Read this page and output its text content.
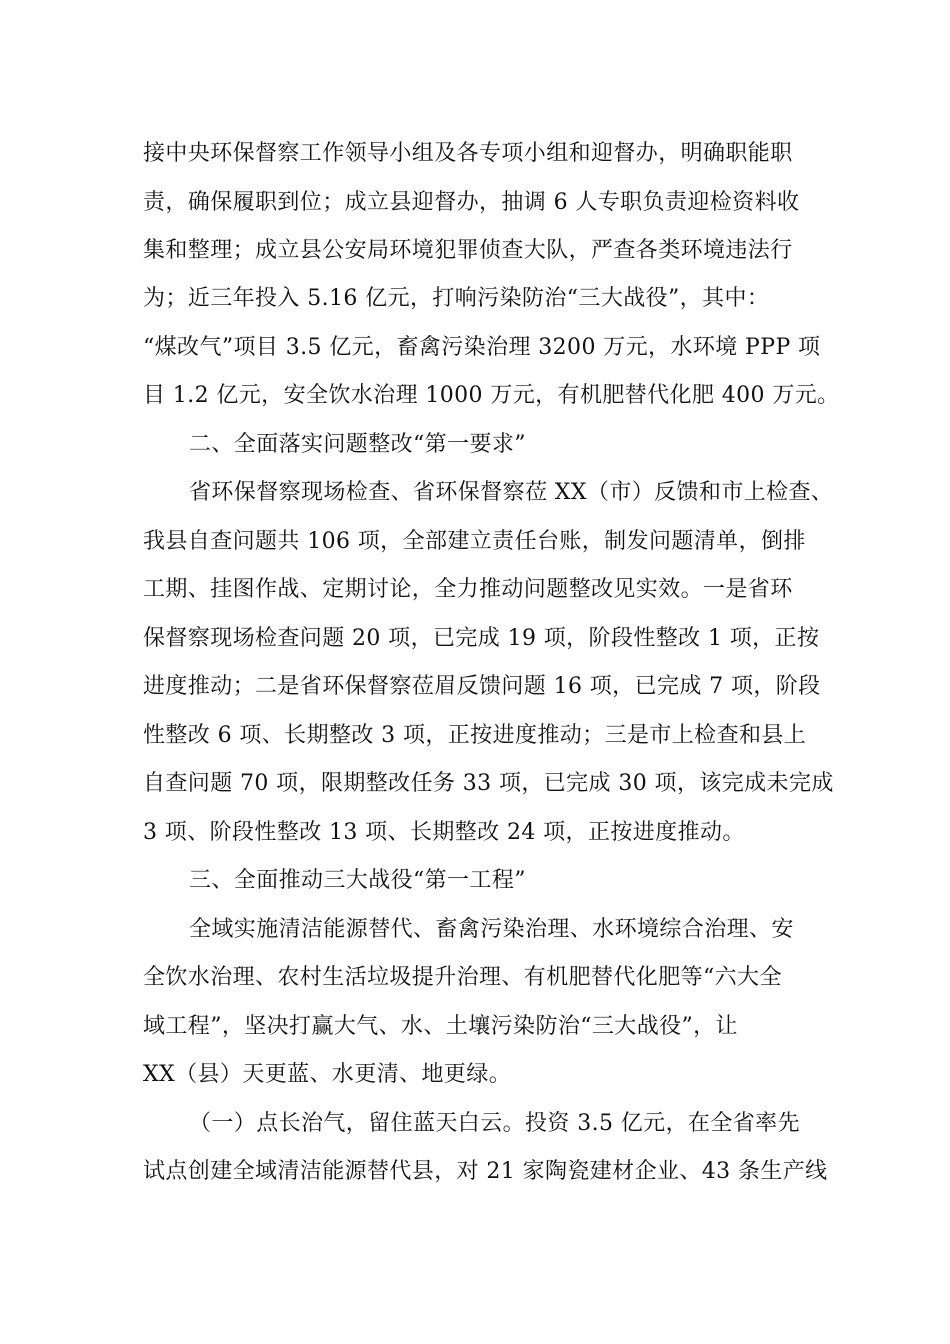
接中央环保督察工作领导小组及各专项小组和迎督办，明确职能职
责，确保履职到位；成立县迎督办，抽调 6 人专职负责迎检资料收
集和整理；成立县公安局环境犯罪侦查大队，严查各类环境违法行
为；近三年投入 5.16 亿元，打响污染防治“三大战役”，其中：
“煤改气”项目 3.5 亿元，畜禽污染治理 3200 万元，水环境 PPP 项
目 1.2 亿元，安全饮水治理 1000 万元，有机肥替代化肥 400 万元。
二、全面落实问题整改“第一要求”
省环保督察现场检查、省环保督察莅 XX（市）反馈和市上检查、
我县自查问题共 106 项，全部建立责任台账，制发问题清单，倒排
工期、挂图作战、定期讨论，全力推动问题整改见实效。一是省环
保督察现场检查问题 20 项，已完成 19 项，阶段性整改 1 项，正按
进度推动；二是省环保督察莅眉反馈问题 16 项，已完成 7 项，阶段
性整改 6 项、长期整改 3 项，正按进度推动；三是市上检查和县上
自查问题 70 项，限期整改任务 33 项，已完成 30 项，该完成未完成
3 项、阶段性整改 13 项、长期整改 24 项，正按进度推动。
三、全面推动三大战役“第一工程”
全域实施清洁能源替代、畜禽污染治理、水环境综合治理、安
全饮水治理、农村生活垃圾提升治理、有机肥替代化肥等“六大全
域工程”，坚决打赢大气、水、土壤污染防治“三大战役”，让
XX（县）天更蓝、水更清、地更绿。
（一）点长治气，留住蓝天白云。投资 3.5 亿元，在全省率先
试点创建全域清洁能源替代县，对 21 家陶瓷建材企业、43 条生产线
